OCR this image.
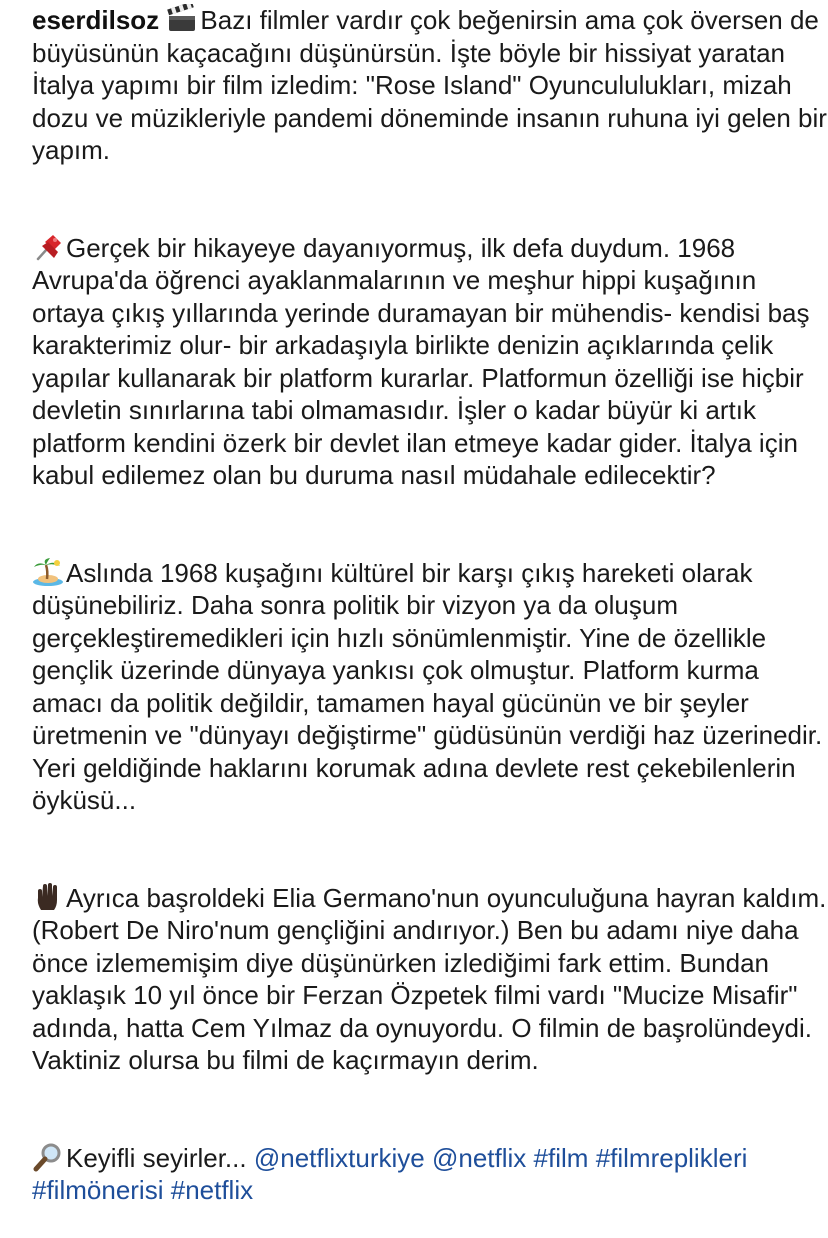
eserdilsoz Bazı filmler vardır çok beğenirsin ama çok översen de büyüsünün kaçacağını düşünürsün. İşte böyle bir hissiyat yaratan İtalya yapımı bir film izledim: "Rose Island" Oyuncululukları, mizah dozu ve müzikleriyle pandemi döneminde insanın ruhuna iyi gelen bir yapım.

Gerçek bir hikayeye dayanıyormuş, ilk defa duydum. 1968 Avrupa'da öğrenci ayaklanmalarının ve meşhur hippi kuşağının ortaya çıkış yıllarında yerinde duramayan bir mühendis- kendisi baş karakterimiz olur- bir arkadaşıyla birlikte denizin açıklarında çelik yapılar kullanarak bir platform kurarlar. Platformun özelliği ise hiçbir devletin sınırlarına tabi olmamasıdır. İşler o kadar büyür ki artık platform kendini özerk bir devlet ilan etmeye kadar gider. İtalya için kabul edilemez olan bu duruma nasıl müdahale edilecektir?

Aslında 1968 kuşağını kültürel bir karşı çıkış hareketi olarak düşünebiliriz. Daha sonra politik bir vizyon ya da oluşum gerçekleştiremedikleri için hızlı sönümlenmiştir. Yine de özellikle gençlik üzerinde dünyaya yankısı çok olmuştur. Platform kurma amacı da politik değildir, tamamen hayal gücünün ve bir şeyler üretmenin ve "dünyayı değiştirme" güdüsünün verdiği haz üzerinedir. Yeri geldiğinde haklarını korumak adına devlete rest çekebilenlerin öyküsü...

Ayrıca başroldeki Elia Germano'nun oyunculuğuna hayran kaldım. (Robert De Niro'num gençliğini andırıyor.) Ben bu adamı niye daha önce izlememişim diye düşünürken izlediğimi fark ettim. Bundan yaklaşık 10 yıl önce bir Ferzan Özpetek filmi vardı "Mucize Misafir" adında, hatta Cem Yılmaz da oynuyordu. O filmin de başrolündeydi. Vaktiniz olursa bu filmi de kaçırmayın derim.

Keyifli seyirler... @netflixturkiye @netflix #film #filmreplikleri #filmönerisi #netflix
